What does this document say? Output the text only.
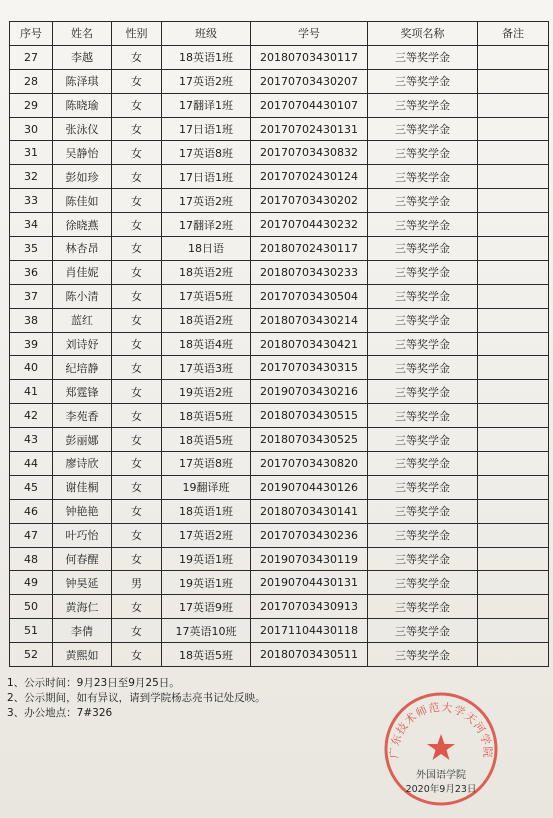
序号	姓名	性别	班级	学号	奖项名称	备注
27	李越	女	18英语1班	20180703430117	三等奖学金	
28	陈泽琪	女	17英语2班	20170703430207	三等奖学金	
29	陈晓瑜	女	17翻译1班	20170704430107	三等奖学金	
30	张泳仪	女	17日语1班	20170702430131	三等奖学金	
31	吴静怡	女	17英语8班	20170703430832	三等奖学金	
32	彭如珍	女	17日语1班	20170702430124	三等奖学金	
33	陈佳如	女	17英语2班	20170703430202	三等奖学金	
34	徐晓燕	女	17翻译2班	20170704430232	三等奖学金	
35	林杏昂	女	18日语	20180702430117	三等奖学金	
36	肖佳妮	女	18英语2班	20180703430233	三等奖学金	
37	陈小清	女	17英语5班	20170703430504	三等奖学金	
38	蓝红	女	18英语2班	20180703430214	三等奖学金	
39	刘诗妤	女	18英语4班	20180703430421	三等奖学金	
40	纪培静	女	17英语3班	20170703430315	三等奖学金	
41	郑霆锋	女	19英语2班	20190703430216	三等奖学金	
42	李苑香	女	18英语5班	20180703430515	三等奖学金	
43	彭丽娜	女	18英语5班	20180703430525	三等奖学金	
44	廖诗欣	女	17英语8班	20170703430820	三等奖学金	
45	谢佳桐	女	19翻译班	20190704430126	三等奖学金	
46	钟艳艳	女	18英语1班	20180703430141	三等奖学金	
47	叶巧怡	女	17英语2班	20170703430236	三等奖学金	
48	何春醒	女	19英语1班	20190703430119	三等奖学金	
49	钟昊延	男	19英语1班	20190704430131	三等奖学金	
50	黄海仁	女	17英语9班	20170703430913	三等奖学金	
51	李倩	女	17英语10班	20171104430118	三等奖学金	
52	黄熙如	女	18英语5班	20180703430511	三等奖学金	
1、公示时间：9月23日至9月25日。
2、公示期间，如有异议，请到学院杨志亮书记处反映。
3、办公地点：7#326
广东技术师范大学天河学院
外国语学院
2020年9月23日
